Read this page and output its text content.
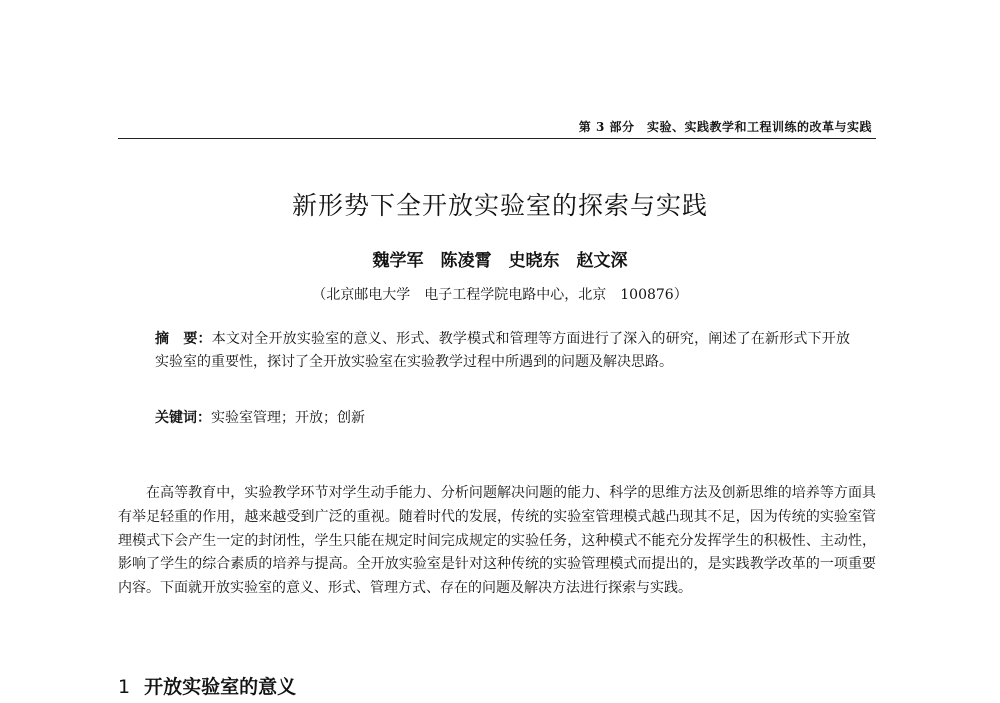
第 3 部分　实验、实践教学和工程训练的改革与实践
新形势下全开放实验室的探索与实践
魏学军　陈凌霄　史晓东　赵文深
（北京邮电大学　电子工程学院电路中心，北京　100876）
摘　要：本文对全开放实验室的意义、形式、教学模式和管理等方面进行了深入的研究，阐述了在新形式下开放实验室的重要性，探讨了全开放实验室在实验教学过程中所遇到的问题及解决思路。
关键词：实验室管理；开放；创新

在高等教育中，实验教学环节对学生动手能力、分析问题解决问题的能力、科学的思维方法及创新思维的培养等方面具有举足轻重的作用，越来越受到广泛的重视。随着时代的发展，传统的实验室管理模式越凸现其不足，因为传统的实验室管理模式下会产生一定的封闭性，学生只能在规定时间完成规定的实验任务，这种模式不能充分发挥学生的积极性、主动性，影响了学生的综合素质的培养与提高。全开放实验室是针对这种传统的实验管理模式而提出的，是实践教学改革的一项重要内容。下面就开放实验室的意义、形式、管理方式、存在的问题及解决方法进行探索与实践。

1 开放实验室的意义
